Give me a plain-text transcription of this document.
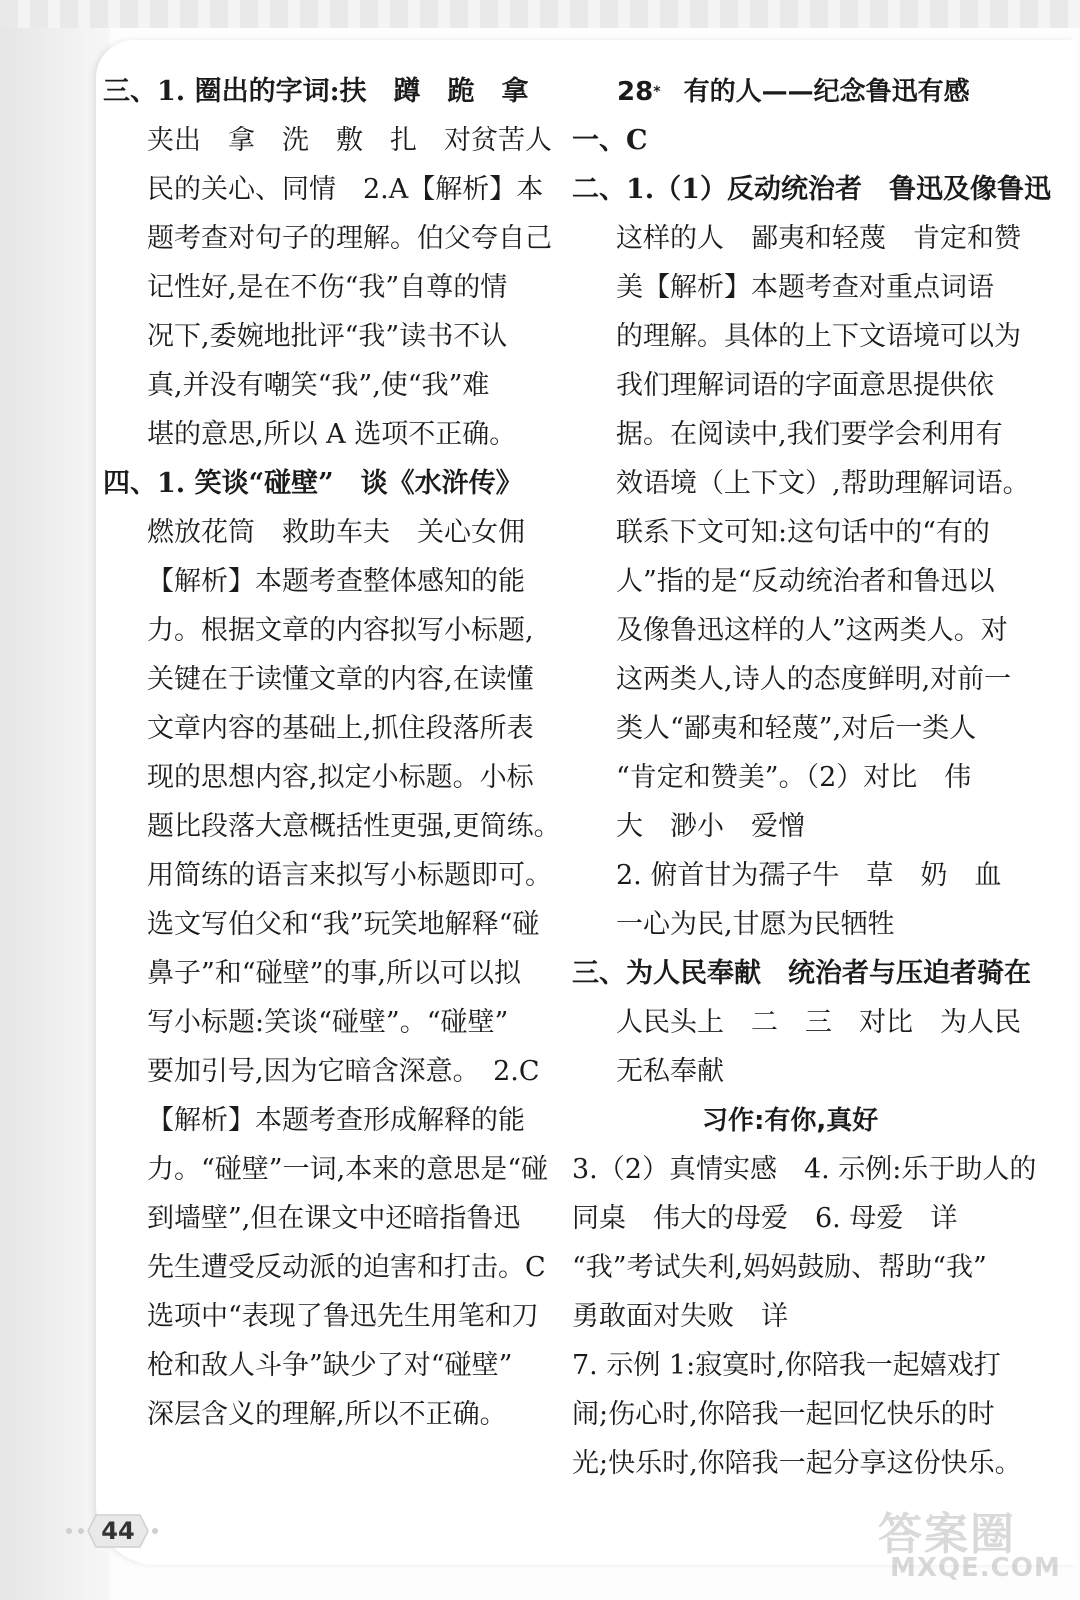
三、1. 圈出的字词:扶　蹲　跪　拿
夹出　拿　洗　敷　扎　对贫苦人
民的关心、同情　2.A【解析】本
题考查对句子的理解。伯父夸自己
记性好,是在不伤“我”自尊的情
况下,委婉地批评“我”读书不认
真,并没有嘲笑“我”,使“我”难
堪的意思,所以 A 选项不正确。
四、1. 笑谈“碰壁”　谈《水浒传》
燃放花筒　救助车夫　关心女佣
【解析】本题考查整体感知的能
力。根据文章的内容拟写小标题,
关键在于读懂文章的内容,在读懂
文章内容的基础上,抓住段落所表
现的思想内容,拟定小标题。小标
题比段落大意概括性更强,更简练。
用简练的语言来拟写小标题即可。
选文写伯父和“我”玩笑地解释“碰
鼻子”和“碰壁”的事,所以可以拟
写小标题:笑谈“碰壁”。“碰壁”
要加引号,因为它暗含深意。　2.C
【解析】本题考查形成解释的能
力。“碰壁”一词,本来的意思是“碰
到墙壁”,但在课文中还暗指鲁迅
先生遭受反动派的迫害和打击。C
选项中“表现了鲁迅先生用笔和刀
枪和敌人斗争”缺少了对“碰壁”
深层含义的理解,所以不正确。
28* 有的人——纪念鲁迅有感
一、C
二、1.（1）反动统治者　鲁迅及像鲁迅
这样的人　鄙夷和轻蔑　肯定和赞
美【解析】本题考查对重点词语
的理解。具体的上下文语境可以为
我们理解词语的字面意思提供依
据。在阅读中,我们要学会利用有
效语境（上下文）,帮助理解词语。
联系下文可知:这句话中的“有的
人”指的是“反动统治者和鲁迅以
及像鲁迅这样的人”这两类人。对
这两类人,诗人的态度鲜明,对前一
类人“鄙夷和轻蔑”,对后一类人
“肯定和赞美”。（2）对比　伟
大　渺小　爱憎
2. 俯首甘为孺子牛　草　奶　血
一心为民,甘愿为民牺牲
三、为人民奉献　统治者与压迫者骑在
人民头上　二　三　对比　为人民
无私奉献
习作:有你,真好
3.（2）真情实感　4. 示例:乐于助人的
同桌　伟大的母爱　6. 母爱　详
“我”考试失利,妈妈鼓励、帮助“我”
勇敢面对失败　详
7. 示例 1:寂寞时,你陪我一起嬉戏打
闹;伤心时,你陪我一起回忆快乐的时
光;快乐时,你陪我一起分享这份快乐。
44	答案圈
MXQE.COM
